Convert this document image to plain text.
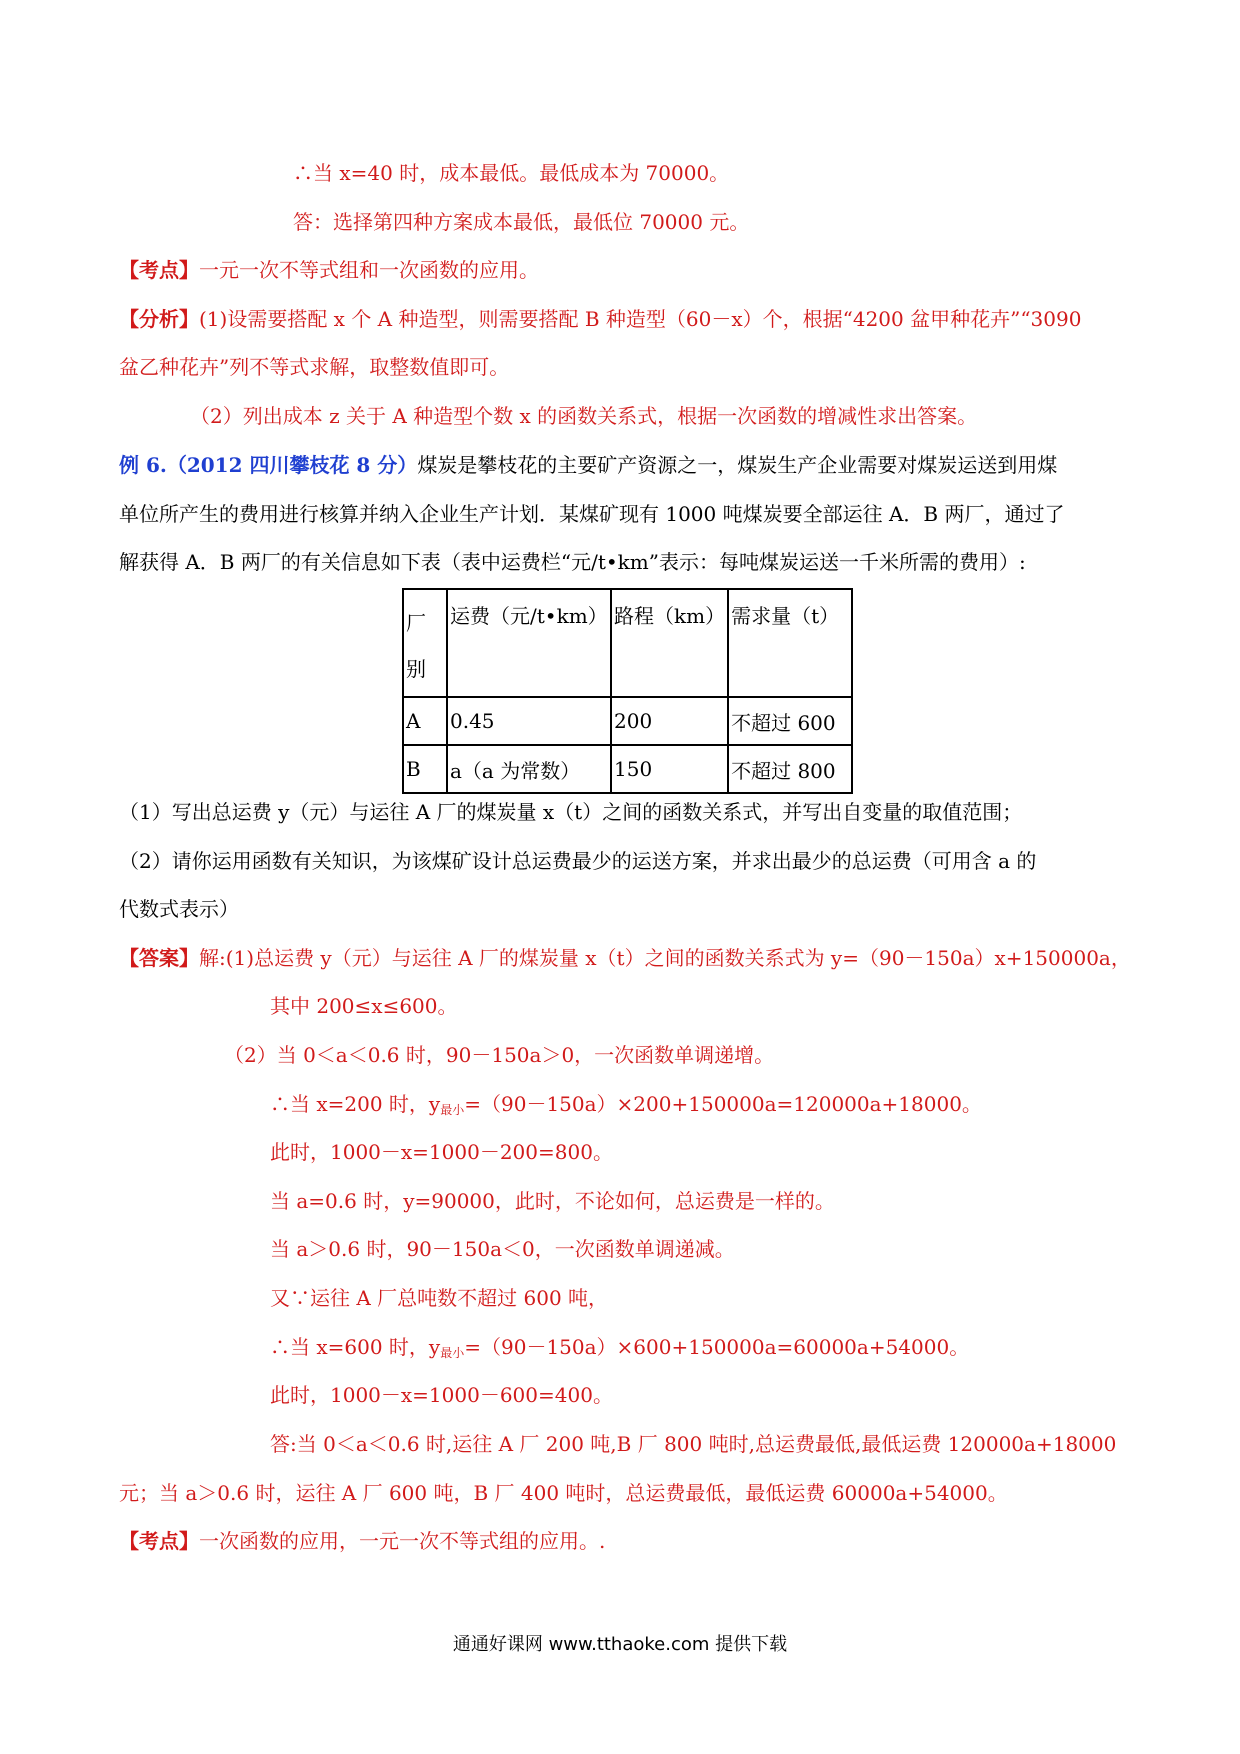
∴当 x=40 时，成本最低。最低成本为 70000。
答：选择第四种方案成本最低，最低位 70000 元。
【考点】一元一次不等式组和一次函数的应用。
【分析】(1)设需要搭配 x 个 A 种造型，则需要搭配 B 种造型（60－x）个，根据“4200 盆甲种花卉”“3090
盆乙种花卉”列不等式求解，取整数值即可。
（2）列出成本 z 关于 A 种造型个数 x 的函数关系式，根据一次函数的增减性求出答案。
例 6.（2012 四川攀枝花 8 分）煤炭是攀枝花的主要矿产资源之一，煤炭生产企业需要对煤炭运送到用煤
单位所产生的费用进行核算并纳入企业生产计划．某煤矿现有 1000 吨煤炭要全部运往 A．B 两厂，通过了
解获得 A．B 两厂的有关信息如下表（表中运费栏“元/t•km”表示：每吨煤炭运送一千米所需的费用）:
厂
别	运费（元/t•km）	路程（km）	需求量（t）
A	0.45	200	不超过 600
B	a（a 为常数）	150	不超过 800
（1）写出总运费 y（元）与运往 A 厂的煤炭量 x（t）之间的函数关系式，并写出自变量的取值范围；
（2）请你运用函数有关知识，为该煤矿设计总运费最少的运送方案，并求出最少的总运费（可用含 a 的
代数式表示）
【答案】解:(1)总运费 y（元）与运往 A 厂的煤炭量 x（t）之间的函数关系式为 y=（90－150a）x+150000a，
其中 200≤x≤600。
（2）当 0＜a＜0.6 时，90－150a＞0，一次函数单调递增。
∴当 x=200 时，$y_{最小}=(90-150a)\times 200+150000a=120000a+18000$。
此时，1000－x=1000－200=800。
当 a=0.6 时，y=90000，此时，不论如何，总运费是一样的。
当 a＞0.6 时，90－150a＜0，一次函数单调递减。
又∵运往 A 厂总吨数不超过 600 吨，
∴当 x=600 时，$y_{最小}=(90-150a)\times 600+150000a=60000a+54000$。
此时，1000－x=1000－600=400。
答:当 0＜a＜0.6 时,运往 A 厂 200 吨,B 厂 800 吨时,总运费最低,最低运费 120000a+18000
元；当 a＞0.6 时，运往 A 厂 600 吨，B 厂 400 吨时，总运费最低，最低运费 60000a+54000。
【考点】一次函数的应用，一元一次不等式组的应用。.
通通好课网 www.tthaoke.com 提供下载
